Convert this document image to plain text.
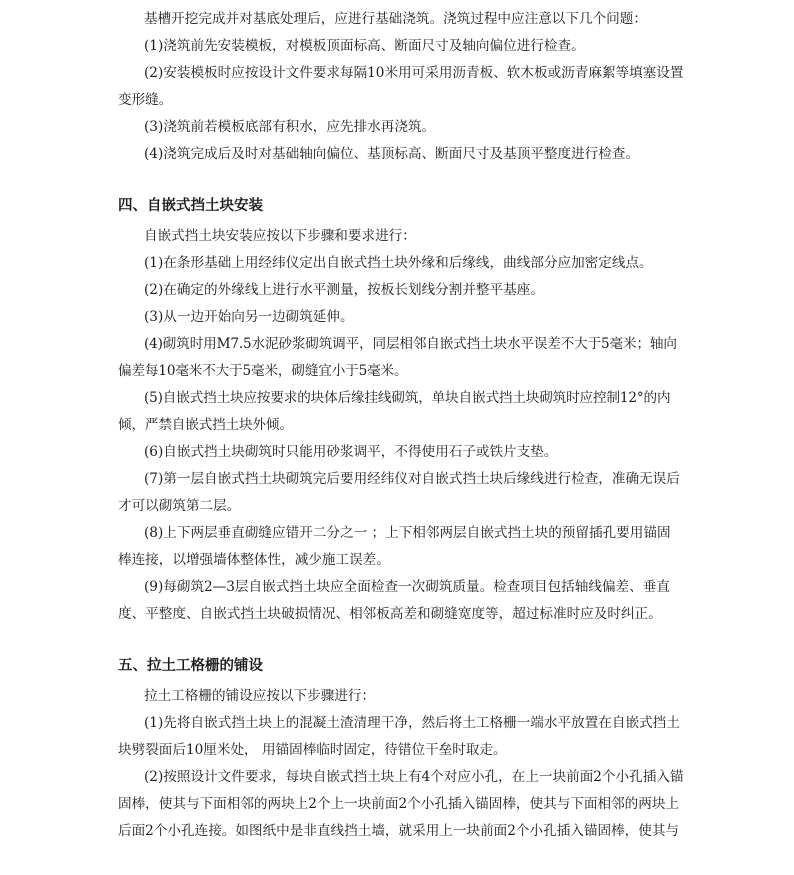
基槽开挖完成并对基底处理后，应进行基础浇筑。浇筑过程中应注意以下几个问题：

(1)浇筑前先安装模板，对模板顶面标高、断面尺寸及轴向偏位进行检查。

(2)安装模板时应按设计文件要求每隔10米用可采用沥青板、软木板或沥青麻絮等填塞设置变形缝。

(3)浇筑前若模板底部有积水，应先排水再浇筑。

(4)浇筑完成后及时对基础轴向偏位、基顶标高、断面尺寸及基顶平整度进行检查。

四、自嵌式挡土块安装

自嵌式挡土块安装应按以下步骤和要求进行：

(1)在条形基础上用经纬仪定出自嵌式挡土块外缘和后缘线，曲线部分应加密定线点。

(2)在确定的外缘线上进行水平测量，按板长划线分割并整平基座。

(3)从一边开始向另一边砌筑延伸。

(4)砌筑时用M7.5水泥砂浆砌筑调平，同层相邻自嵌式挡土块水平误差不大于5毫米；轴向偏差每10毫米不大于5毫米，砌缝宜小于5毫米。

(5)自嵌式挡土块应按要求的块体后缘挂线砌筑，单块自嵌式挡土块砌筑时应控制12°的内倾，严禁自嵌式挡土块外倾。

(6)自嵌式挡土块砌筑时只能用砂浆调平，不得使用石子或铁片支垫。

(7)第一层自嵌式挡土块砌筑完后要用经纬仪对自嵌式挡土块后缘线进行检查，准确无误后才可以砌筑第二层。

(8)上下两层垂直砌缝应错开二分之一 ；上下相邻两层自嵌式挡土块的预留插孔要用锚固棒连接，以增强墙体整体性，减少施工误差。

(9)每砌筑2—3层自嵌式挡土块应全面检查一次砌筑质量。检查项目包括轴线偏差、垂直度、平整度、自嵌式挡土块破损情况、相邻板高差和砌缝宽度等，超过标准时应及时纠正。

五、拉土工格栅的铺设

拉土工格栅的铺设应按以下步骤进行：

(1)先将自嵌式挡土块上的混凝土渣清理干净，然后将土工格栅一端水平放置在自嵌式挡土块劈裂面后10厘米处， 用锚固棒临时固定，待错位干垒时取走。

(2)按照设计文件要求，每块自嵌式挡土块上有4个对应小孔，在上一块前面2个小孔插入锚固棒，使其与下面相邻的两块上2个上一块前面2个小孔插入锚固棒，使其与下面相邻的两块上后面2个小孔连接。如图纸中是非直线挡土墙，就采用上一块前面2个小孔插入锚固棒，使其与
